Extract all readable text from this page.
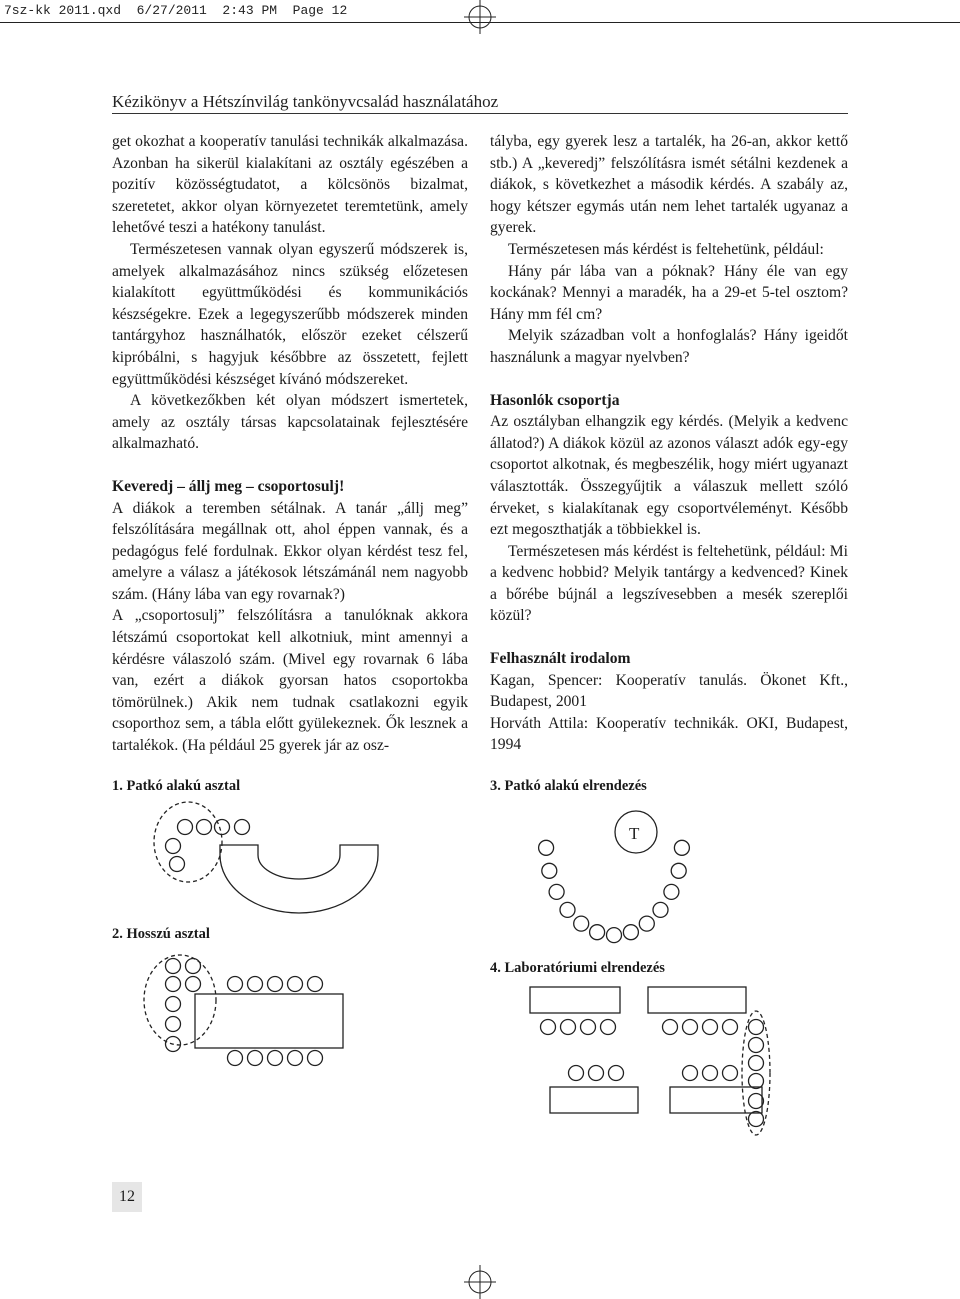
7sz-kk 2011.qxd  6/27/2011  2:43 PM  Page 12
Kézikönyv a Hétszínvilág tankönyvcsalád használatához

get okozhat a kooperatív tanulási technikák alkalmazása. Azonban ha sikerül kialakítani az osztály egészében a pozitív közösségtudatot, a kölcsönös bizalmat, szeretetet, akkor olyan környezetet teremtetünk, amely lehetővé teszi a hatékony tanulást.

Természetesen vannak olyan egyszerű módszerek is, amelyek alkalmazásához nincs szükség előzetesen kialakított együttműködési és kommunikációs készségekre. Ezek a legegyszerűbb módszerek minden tantárgyhoz használhatók, először ezeket célszerű kipróbálni, s hagyjuk későbbre az összetett, fejlett együttműködési készséget kívánó módszereket.

A következőkben két olyan módszert ismertetek, amely az osztály társas kapcsolatainak fejlesztésére alkalmazható.

Keveredj – állj meg – csoportosulj!

A diákok a teremben sétálnak. A tanár „állj meg” felszólítására megállnak ott, ahol éppen vannak, és a pedagógus felé fordulnak. Ekkor olyan kérdést tesz fel, amelyre a válasz a játékosok létszámánál nem nagyobb szám. (Hány lába van egy rovarnak?)

A „csoportosulj” felszólításra a tanulóknak akkora létszámú csoportokat kell alkotniuk, mint amennyi a kérdésre válaszoló szám. (Mivel egy rovarnak 6 lába van, ezért a diákok gyorsan hatos csoportokba tömörülnek.) Akik nem tudnak csatlakozni egyik csoporthoz sem, a tábla előtt gyülekeznek. Ők lesznek a tartalékok. (Ha például 25 gyerek jár az osz-

tályba, egy gyerek lesz a tartalék, ha 26-an, akkor kettő stb.) A „keveredj” felszólításra ismét sétálni kezdenek a diákok, s következhet a második kérdés. A szabály az, hogy kétszer egymás után nem lehet tartalék ugyanaz a gyerek.

Természetesen más kérdést is feltehetünk, például:

Hány pár lába van a póknak? Hány éle van egy kockának? Mennyi a maradék, ha a 29-et 5-tel osztom? Hány mm fél cm?

Melyik században volt a honfoglalás? Hány igeidőt használunk a magyar nyelvben?

Hasonlók csoportja

Az osztályban elhangzik egy kérdés. (Melyik a kedvenc állatod?) A diákok közül az azonos választ adók egy-egy csoportot alkotnak, és megbeszélik, hogy miért ugyanazt választották. Összegyűjtik a válaszuk mellett szóló érveket, s kialakítanak egy csoportvéleményt. Később ezt megoszthatják a többiekkel is.

Természetesen más kérdést is feltehetünk, például: Mi a kedvenc hobbid? Melyik tantárgy a kedvenced? Kinek a bőrébe bújnál a legszívesebben a mesék szereplői közül?

Felhasznált irodalom

Kagan, Spencer: Kooperatív tanulás. Ökonet Kft., Budapest, 2001

Horváth Attila: Kooperatív technikák. OKI, Budapest, 1994

1. Patkó alakú asztal
2. Hosszú asztal
3. Patkó alakú elrendezés
T
4. Laboratóriumi elrendezés
12
